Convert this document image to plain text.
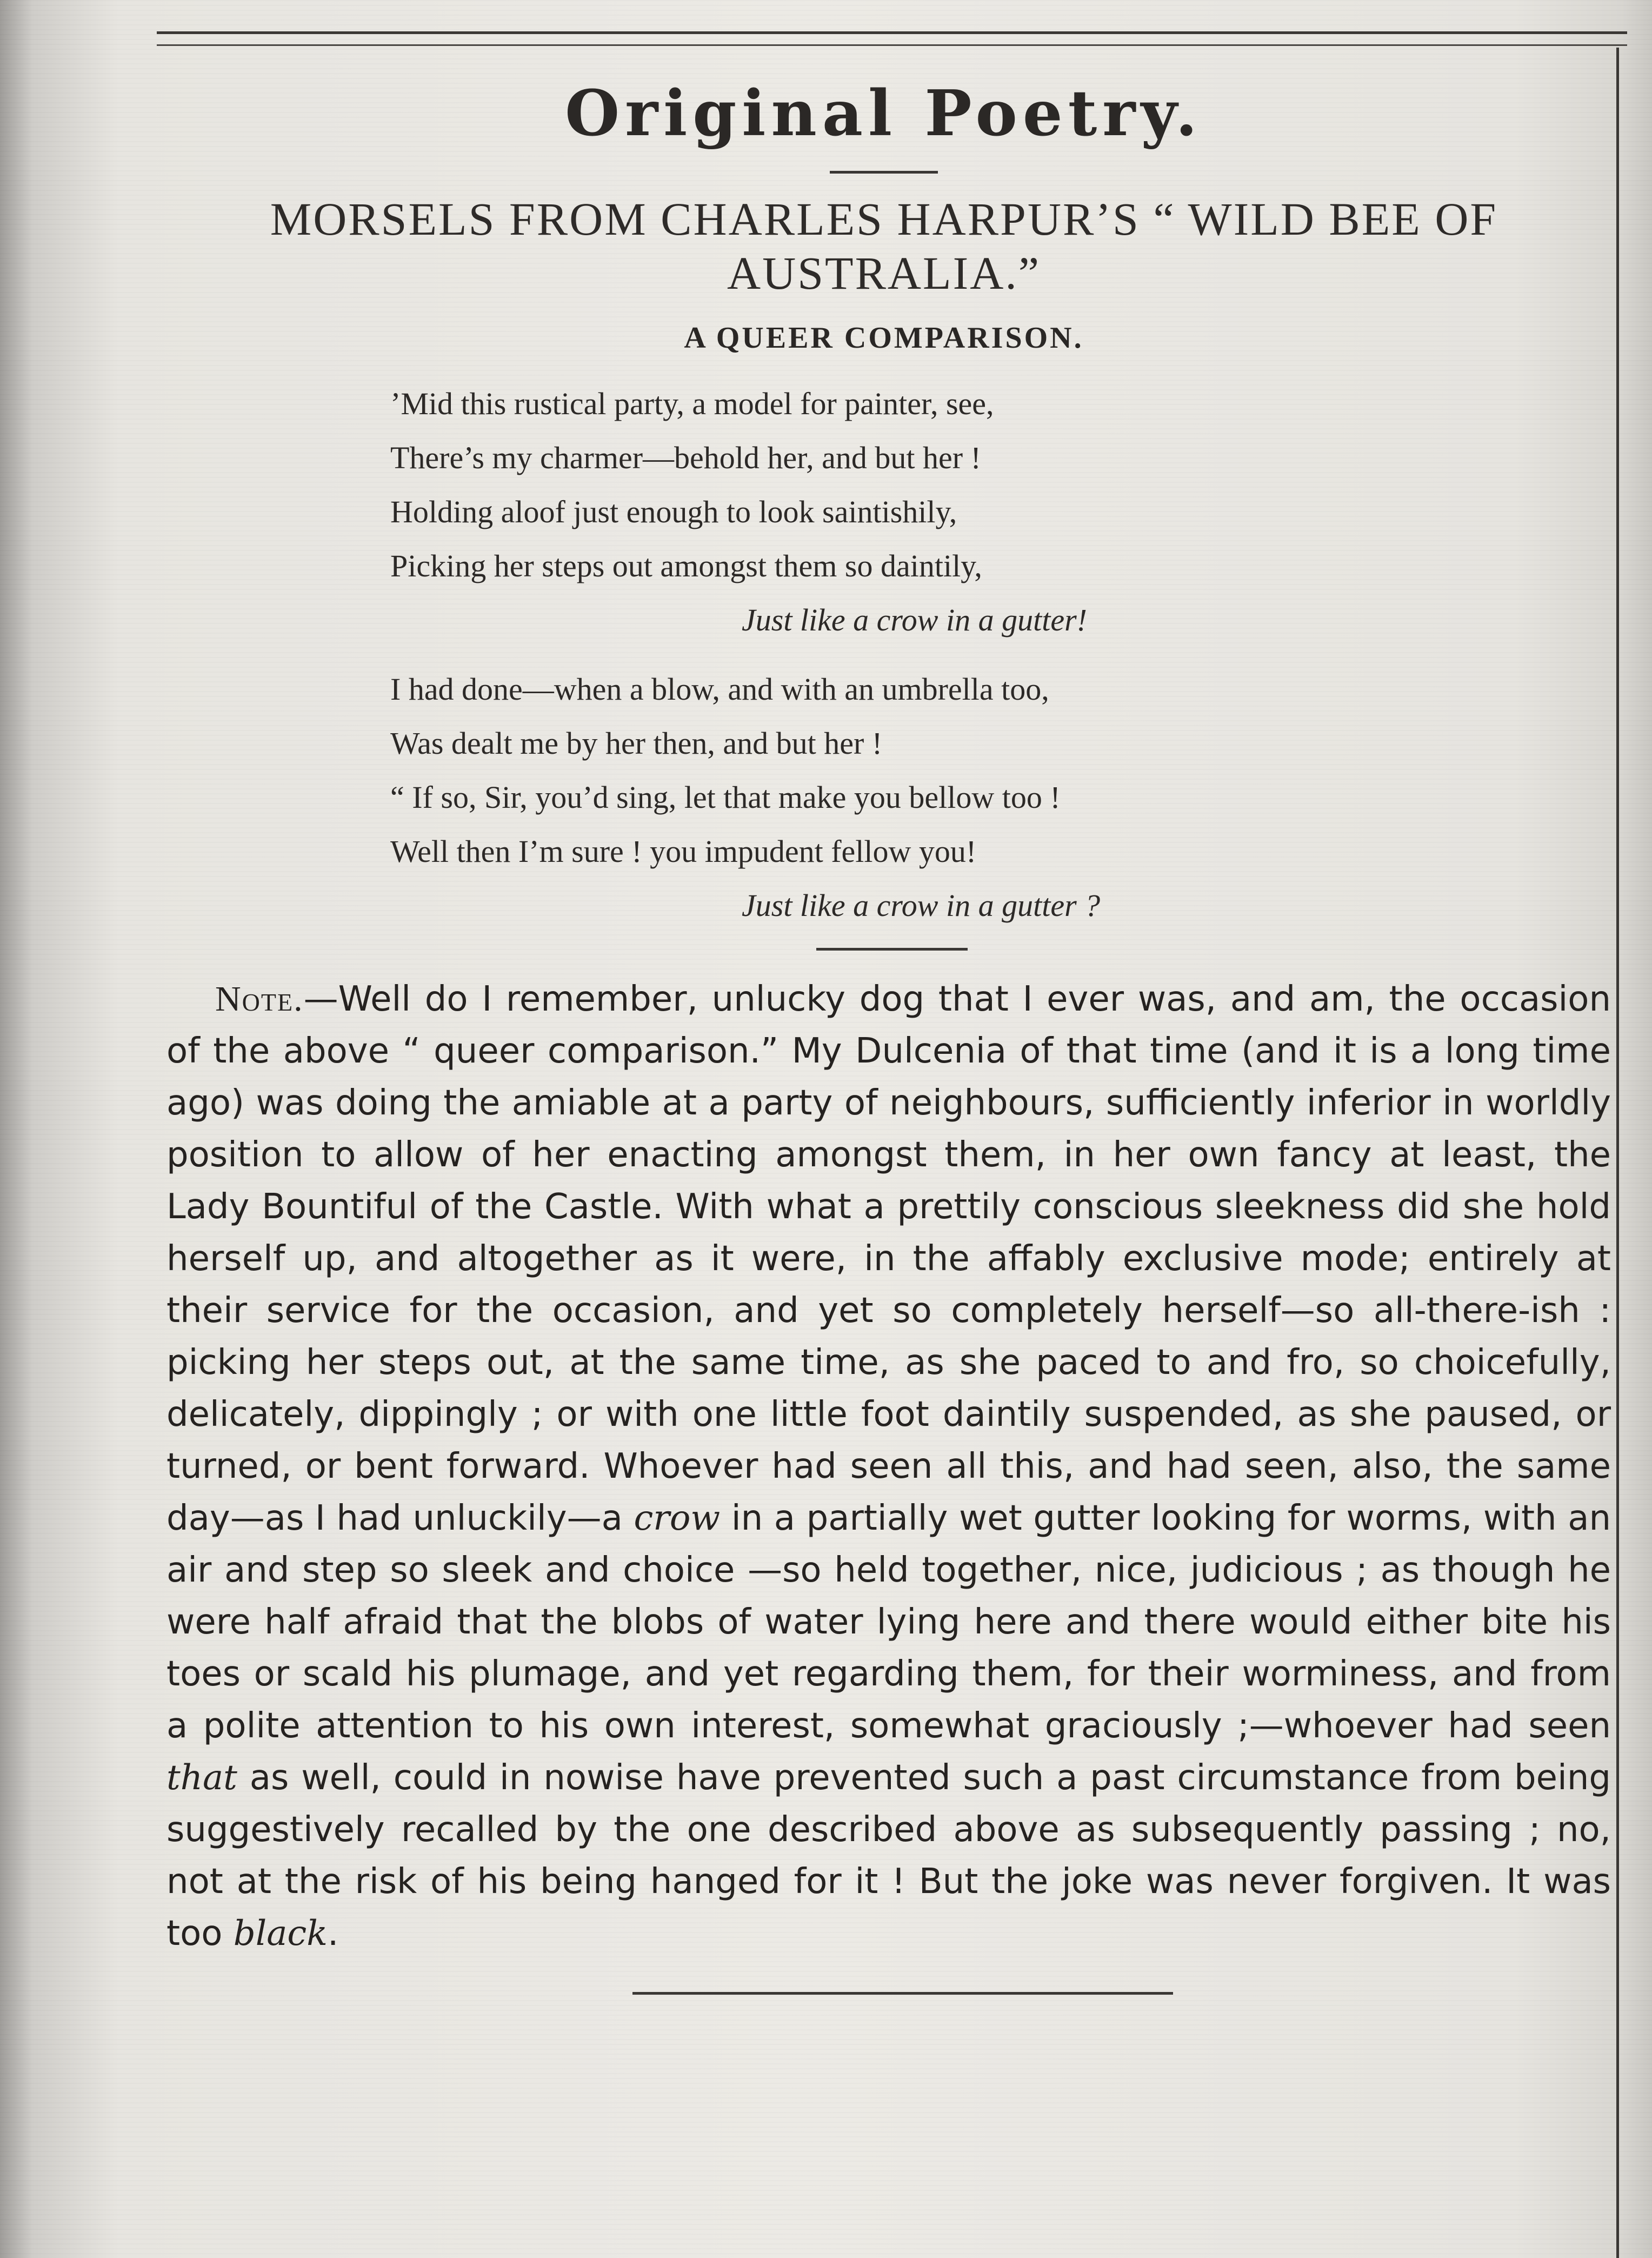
Original Poetry.
MORSELS FROM CHARLES HARPUR’S “ WILD BEE OF AUSTRALIA.”
A QUEER COMPARISON.
’Mid this rustical party, a model for painter, see,
There’s my charmer—behold her, and but her !
Holding aloof just enough to look saintishily,
Picking her steps out amongst them so daintily,
Just like a crow in a gutter!
I had done—when a blow, and with an umbrella too,
Was dealt me by her then, and but her !
“ If so, Sir, you’d sing, let that make you bellow too !
Well then I’m sure ! you impudent fellow you!
Just like a crow in a gutter ?
Note.—Well do I remember, unlucky dog that I ever was, and am, the occasion of the above “ queer comparison.” My Dulcenia of that time (and it is a long time ago) was doing the amiable at a party of neighbours, sufficiently inferior in worldly position to allow of her enacting amongst them, in her own fancy at least, the Lady Bountiful of the Castle. With what a prettily conscious sleekness did she hold herself up, and altogether as it were, in the affably exclusive mode; entirely at their service for the occasion, and yet so completely herself—so all-there-ish : picking her steps out, at the same time, as she paced to and fro, so choicefully, delicately, dippingly ; or with one little foot daintily suspended, as she paused, or turned, or bent forward. Whoever had seen all this, and had seen, also, the same day—as I had unluckily—a crow in a partially wet gutter looking for worms, with an air and step so sleek and choice —so held together, nice, judicious ; as though he were half afraid that the blobs of water lying here and there would either bite his toes or scald his plumage, and yet regarding them, for their worminess, and from a polite attention to his own interest, somewhat graciously ;—whoever had seen that as well, could in nowise have prevented such a past circumstance from being suggestively recalled by the one described above as subsequently passing ; no, not at the risk of his being hanged for it ! But the joke was never forgiven. It was too black.
